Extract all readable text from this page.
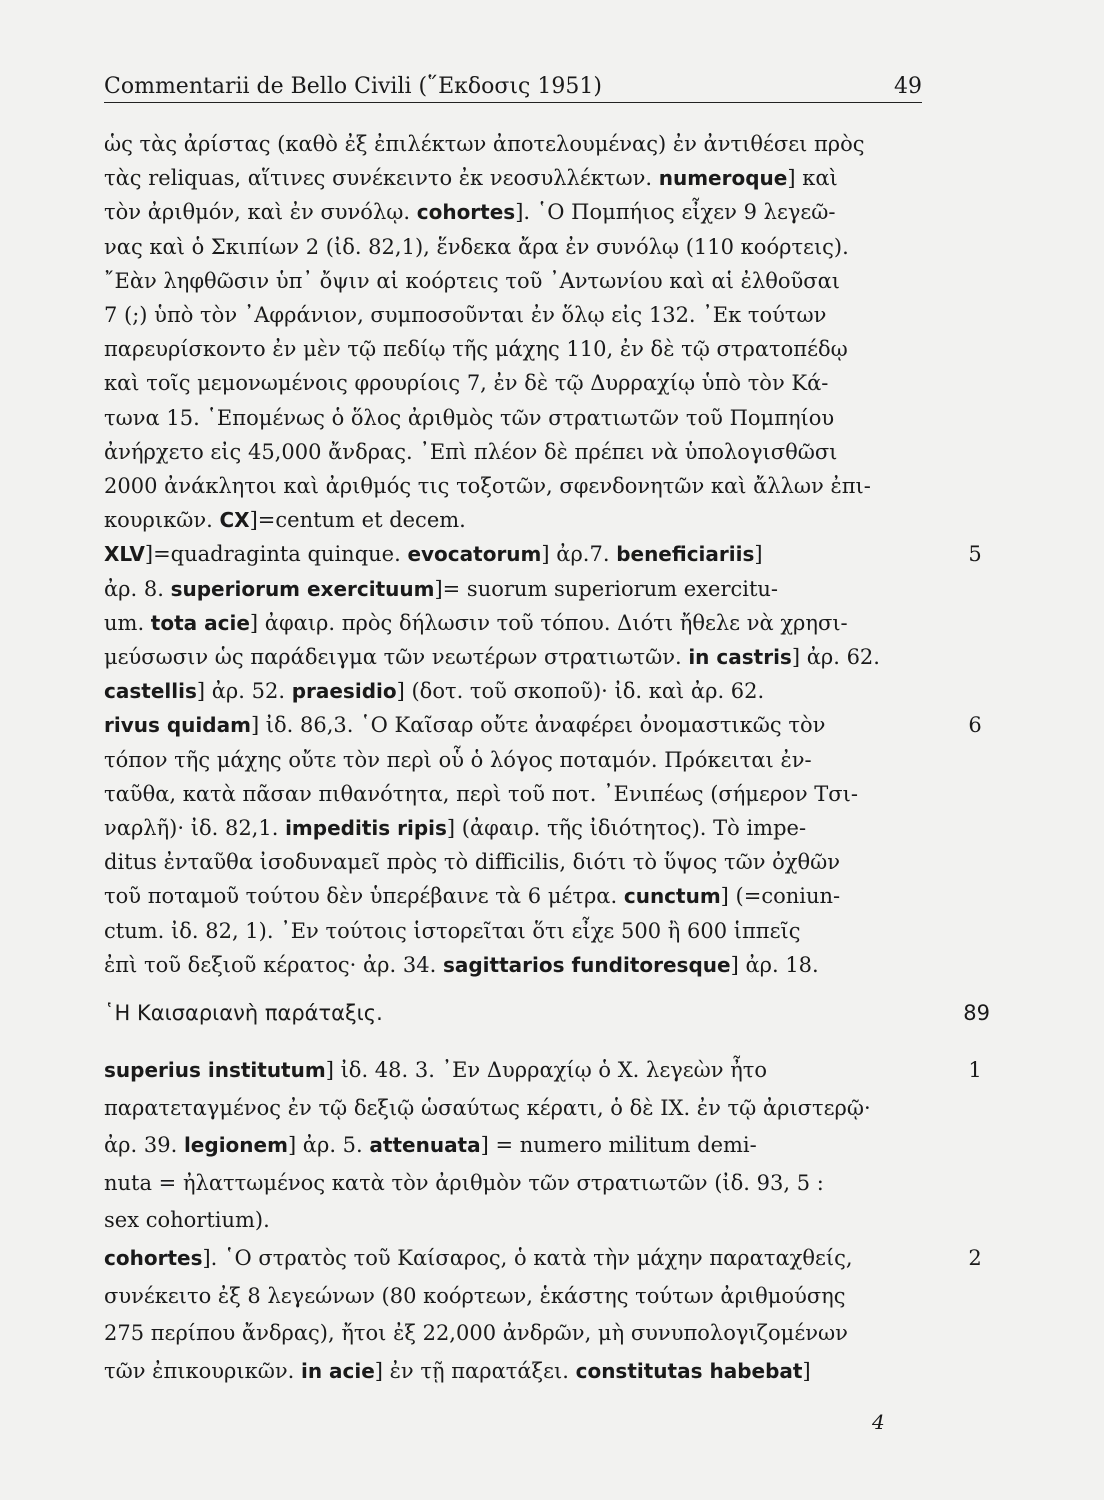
Commentarii de Bello Civili (῞Εκδοσις 1951)	49
ὡς τὰς ἀρίστας (καθὸ ἐξ ἐπιλέκτων ἀποτελουμένας) ἐν ἀντιθέσει πρὸς
τὰς reliquas, αἵτινες συνέκειντο ἐκ νεοσυλλέκτων. numeroque] καὶ
τὸν ἀριθμόν, καὶ ἐν συνόλῳ. cohortes]. ῾Ο Πομπήιος εἶχεν 9 λεγεῶ-
νας καὶ ὁ Σκιπίων 2 (ἰδ. 82,1), ἕνδεκα ἄρα ἐν συνόλῳ (110 κοόρτεις).
῎Εὰν ληφθῶσιν ὑπ᾿ ὄψιν αἱ κοόρτεις τοῦ ᾿Αντωνίου καὶ αἱ ἐλθοῦσαι
7 (;) ὑπὸ τὸν ᾿Αφράνιον, συμποσοῦνται ἐν ὅλῳ εἰς 132. ᾿Εκ τούτων
παρευρίσκοντο ἐν μὲν τῷ πεδίῳ τῆς μάχης 110, ἐν δὲ τῷ στρατοπέδῳ
καὶ τοῖς μεμονωμένοις φρουρίοις 7, ἐν δὲ τῷ Δυρραχίῳ ὑπὸ τὸν Κά-
τωνα 15. ῾Επομένως ὁ ὅλος ἀριθμὸς τῶν στρατιωτῶν τοῦ Πομπηίου
ἀνήρχετο εἰς 45,000 ἄνδρας. ᾿Επὶ πλέον δὲ πρέπει νὰ ὑπολογισθῶσι
2000 ἀνάκλητοι καὶ ἀριθμός τις τοξοτῶν, σφενδονητῶν καὶ ἄλλων ἐπι-
κουρικῶν. CX]=centum et decem.
XLV]=quadraginta quinque. evocatorum] ἀρ.7. beneficiariis]	5
ἀρ. 8. superiorum exercituum]= suorum superiorum exercitu-
um. tota acie] ἀφαιρ. πρὸς δήλωσιν τοῦ τόπου. Διότι ἤθελε νὰ χρησι-
μεύσωσιν ὡς παράδειγμα τῶν νεωτέρων στρατιωτῶν. in castris] ἀρ. 62.
castellis] ἀρ. 52. praesidio] (δοτ. τοῦ σκοποῦ)· ἰδ. καὶ ἀρ. 62.
rivus quidam] ἰδ. 86,3. ῾Ο Καῖσαρ οὔτε ἀναφέρει ὀνομαστικῶς τὸν	6
τόπον τῆς μάχης οὔτε τὸν περὶ οὗ ὁ λόγος ποταμόν. Πρόκειται ἐν-
ταῦθα, κατὰ πᾶσαν πιθανότητα, περὶ τοῦ ποτ. ᾿Ενιπέως (σήμερον Τσι-
ναρλῆ)· ἰδ. 82,1. impeditis ripis] (ἀφαιρ. τῆς ἰδιότητος). Τὸ impe-
ditus ἐνταῦθα ἰσοδυναμεῖ πρὸς τὸ difficilis, διότι τὸ ὕψος τῶν ὀχθῶν
τοῦ ποταμοῦ τούτου δὲν ὑπερέβαινε τὰ 6 μέτρα. cunctum] (=coniun-
ctum. ἰδ. 82, 1). ᾿Εν τούτοις ἱστορεῖται ὅτι εἶχε 500 ἢ 600 ἱππεῖς
ἐπὶ τοῦ δεξιοῦ κέρατος· ἀρ. 34. sagittarios funditoresque] ἀρ. 18.
῾Η Καισαριανὴ παράταξις.	89
superius institutum] ἰδ. 48. 3. ᾿Εν Δυρραχίῳ ὁ Χ. λεγεὼν ἦτο	1
παρατεταγμένος ἐν τῷ δεξιῷ ὡσαύτως κέρατι, ὁ δὲ ΙΧ. ἐν τῷ ἀριστερῷ·
ἀρ. 39. legionem] ἀρ. 5. attenuata] = numero militum demi-
nuta = ἠλαττωμένος κατὰ τὸν ἀριθμὸν τῶν στρατιωτῶν (ἰδ. 93, 5 :
sex cohortium).
cohortes]. ῾Ο στρατὸς τοῦ Καίσαρος, ὁ κατὰ τὴν μάχην παραταχθείς,	2
συνέκειτο ἐξ 8 λεγεώνων (80 κοόρτεων, ἑκάστης τούτων ἀριθμούσης
275 περίπου ἄνδρας), ἤτοι ἐξ 22,000 ἀνδρῶν, μὴ συνυπολογιζομένων
τῶν ἐπικουρικῶν. in acie] ἐν τῇ παρατάξει. constitutas habebat]
4
